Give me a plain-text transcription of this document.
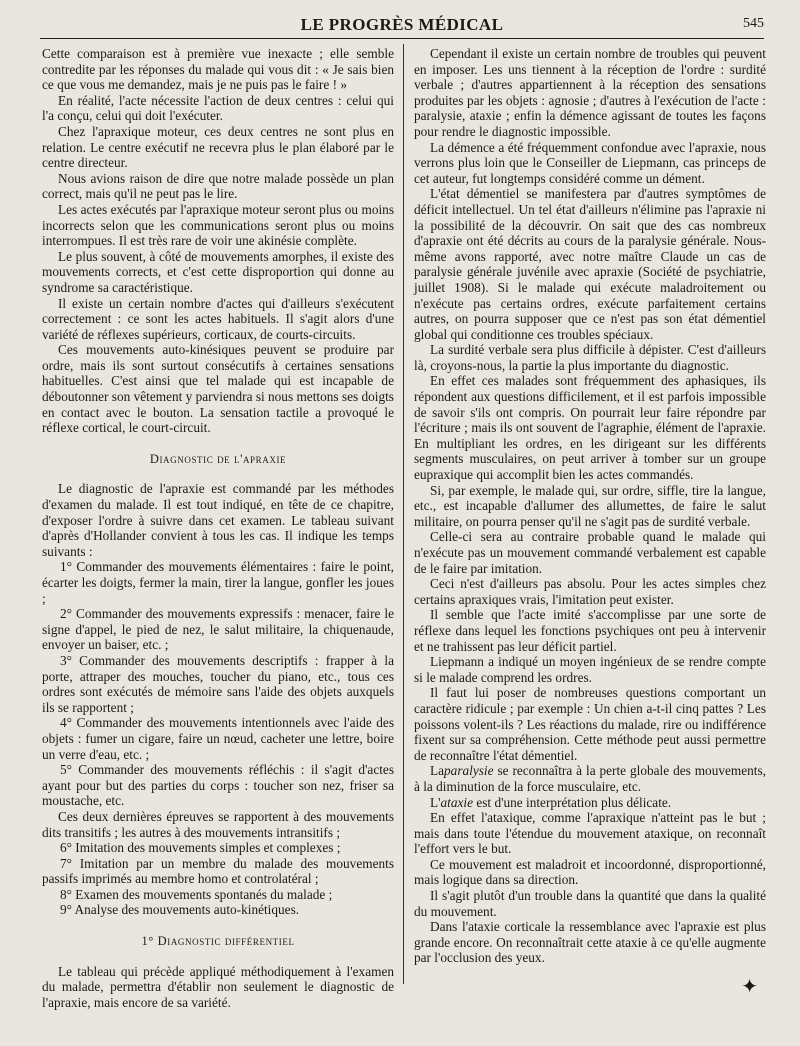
LE PROGRÈS MÉDICAL	545

Cette comparaison est à première vue inexacte ; elle semble contredite par les réponses du malade qui vous dit : « Je sais bien ce que vous me demandez, mais je ne puis pas le faire ! »

En réalité, l'acte nécessite l'action de deux centres : celui qui l'a conçu, celui qui doit l'exécuter.

Chez l'apraxique moteur, ces deux centres ne sont plus en relation. Le centre exécutif ne recevra plus le plan élaboré par le centre directeur.

Nous avions raison de dire que notre malade possède un plan correct, mais qu'il ne peut pas le lire.

Les actes exécutés par l'apraxique moteur seront plus ou moins incorrects selon que les communications seront plus ou moins interrompues. Il est très rare de voir une akinésie complète.

Le plus souvent, à côté de mouvements amorphes, il existe des mouvements corrects, et c'est cette disproportion qui donne au syndrome sa caractéristique.

Il existe un certain nombre d'actes qui d'ailleurs s'exécutent correctement : ce sont les actes habituels. Il s'agit alors d'une variété de réflexes supérieurs, corticaux, de courts-circuits.

Ces mouvements auto-kinésiques peuvent se produire par ordre, mais ils sont surtout consécutifs à certaines sensations habituelles. C'est ainsi que tel malade qui est incapable de déboutonner son vêtement y parviendra si nous mettons ses doigts en contact avec le bouton. La sensation tactile a provoqué le réflexe cortical, le court-circuit.

Diagnostic de l'apraxie

Le diagnostic de l'apraxie est commandé par les méthodes d'examen du malade. Il est tout indiqué, en tête de ce chapitre, d'exposer l'ordre à suivre dans cet examen. Le tableau suivant d'après d'Hollander convient à tous les cas. Il indique les temps suivants :

1° Commander des mouvements élémentaires : faire le point, écarter les doigts, fermer la main, tirer la langue, gonfler les joues ;

2° Commander des mouvements expressifs : menacer, faire le signe d'appel, le pied de nez, le salut militaire, la chiquenaude, envoyer un baiser, etc. ;

3° Commander des mouvements descriptifs : frapper à la porte, attraper des mouches, toucher du piano, etc., tous ces ordres sont exécutés de mémoire sans l'aide des objets auxquels ils se rapportent ;

4° Commander des mouvements intentionnels avec l'aide des objets : fumer un cigare, faire un nœud, cacheter une lettre, boire un verre d'eau, etc. ;

5° Commander des mouvements réfléchis : il s'agit d'actes ayant pour but des parties du corps : toucher son nez, friser sa moustache, etc.

Ces deux dernières épreuves se rapportent à des mouvements dits transitifs ; les autres à des mouvements intransitifs ;

6° Imitation des mouvements simples et complexes ;

7° Imitation par un membre du malade des mouvements passifs imprimés au membre homo et controlatéral ;

8° Examen des mouvements spontanés du malade ;

9° Analyse des mouvements auto-kinétiques.

1° Diagnostic différentiel

Le tableau qui précède appliqué méthodiquement à l'examen du malade, permettra d'établir non seulement le diagnostic de l'apraxie, mais encore de sa variété.

Cependant il existe un certain nombre de troubles qui peuvent en imposer. Les uns tiennent à la réception de l'ordre : surdité verbale ; d'autres appartiennent à la réception des sensations produites par les objets : agnosie ; d'autres à l'exécution de l'acte : paralysie, ataxie ; enfin la démence agissant de toutes les façons pour rendre le diagnostic impossible.

La démence a été fréquemment confondue avec l'apraxie, nous verrons plus loin que le Conseiller de Liepmann, cas princeps de cet auteur, fut longtemps considéré comme un dément.

L'état démentiel se manifestera par d'autres symptômes de déficit intellectuel. Un tel état d'ailleurs n'élimine pas l'apraxie ni la possibilité de la découvrir. On sait que des cas nombreux d'apraxie ont été décrits au cours de la paralysie générale. Nous-même avons rapporté, avec notre maître Claude un cas de paralysie générale juvénile avec apraxie (Société de psychiatrie, juillet 1908). Si le malade qui exécute maladroitement ou n'exécute pas certains ordres, exécute parfaitement certains autres, on pourra supposer que ce n'est pas son état démentiel global qui conditionne ces troubles spéciaux.

La surdité verbale sera plus difficile à dépister. C'est d'ailleurs là, croyons-nous, la partie la plus importante du diagnostic.

En effet ces malades sont fréquemment des aphasiques, ils répondent aux questions difficilement, et il est parfois impossible de savoir s'ils ont compris. On pourrait leur faire répondre par l'écriture ; mais ils ont souvent de l'agraphie, élément de l'apraxie. En multipliant les ordres, en les dirigeant sur les différents segments musculaires, on peut arriver à tomber sur un groupe eupraxique qui accomplit bien les actes commandés.

Si, par exemple, le malade qui, sur ordre, siffle, tire la langue, etc., est incapable d'allumer des allumettes, de faire le salut militaire, on pourra penser qu'il ne s'agit pas de surdité verbale.

Celle-ci sera au contraire probable quand le malade qui n'exécute pas un mouvement commandé verbalement est capable de le faire par imitation.

Ceci n'est d'ailleurs pas absolu. Pour les actes simples chez certains apraxiques vrais, l'imitation peut exister.

Il semble que l'acte imité s'accomplisse par une sorte de réflexe dans lequel les fonctions psychiques ont peu à intervenir et ne trahissent pas leur déficit partiel.

Liepmann a indiqué un moyen ingénieux de se rendre compte si le malade comprend les ordres.

Il faut lui poser de nombreuses questions comportant un caractère ridicule ; par exemple : Un chien a-t-il cinq pattes ? Les poissons volent-ils ? Les réactions du malade, rire ou indifférence fixent sur sa compréhension. Cette méthode peut aussi permettre de reconnaître l'état démentiel.

Laparalysie se reconnaîtra à la perte globale des mouvements, à la diminution de la force musculaire, etc.

L'ataxie est d'une interprétation plus délicate.

En effet l'ataxique, comme l'apraxique n'atteint pas le but ; mais dans toute l'étendue du mouvement ataxique, on reconnaît l'effort vers le but.

Ce mouvement est maladroit et incoordonné, disproportionné, mais logique dans sa direction.

Il s'agit plutôt d'un trouble dans la quantité que dans la qualité du mouvement.

Dans l'ataxie corticale la ressemblance avec l'apraxie est plus grande encore. On reconnaîtrait cette ataxie à ce qu'elle augmente par l'occlusion des yeux.

✦
